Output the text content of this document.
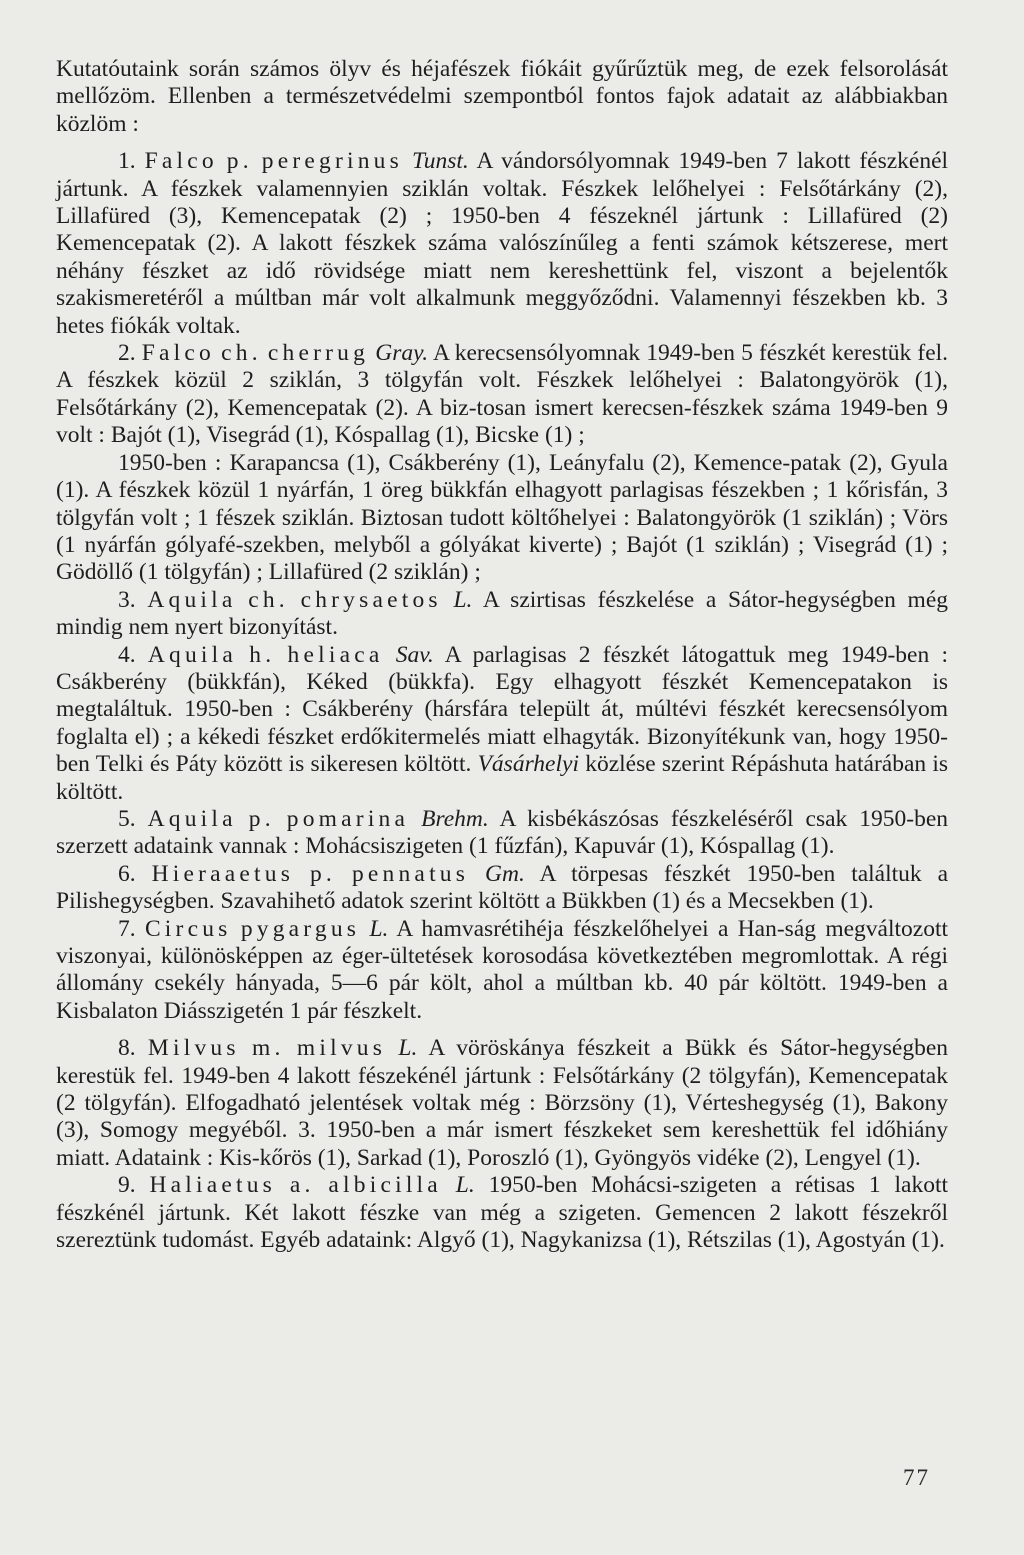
Kutatóutaink során számos ölyv és héjafészek fiókáit gyűrűztük meg, de ezek felsorolását mellőzöm. Ellenben a természetvédelmi szempontból fontos fajok adatait az alábbiakban közlöm :

1. Falco p. peregrinus Tunst. A vándorsólyomnak 1949-ben 7 lakott fészkénél jártunk. A fészkek valamennyien sziklán voltak. Fészkek lelőhelyei : Felsőtárkány (2), Lillafüred (3), Kemencepatak (2) ; 1950-ben 4 fészeknél jártunk : Lillafüred (2) Kemencepatak (2). A lakott fészkek száma valószínűleg a fenti számok kétszerese, mert néhány fészket az idő rövidsége miatt nem kereshettünk fel, viszont a bejelentők szakismeretéről a múltban már volt alkalmunk meggyőződni. Valamennyi fészekben kb. 3 hetes fiókák voltak.

2. Falco ch. cherrug Gray. A kerecsensólyomnak 1949-ben 5 fészkét kerestük fel. A fészkek közül 2 sziklán, 3 tölgyfán volt. Fészkek lelőhelyei : Balatongyörök (1), Felsőtárkány (2), Kemencepatak (2). A biz-tosan ismert kerecsen-fészkek száma 1949-ben 9 volt : Bajót (1), Visegrád (1), Kóspallag (1), Bicske (1) ;

1950-ben : Karapancsa (1), Csákberény (1), Leányfalu (2), Kemence-patak (2), Gyula (1). A fészkek közül 1 nyárfán, 1 öreg bükkfán elhagyott parlagisas fészekben ; 1 kőrisfán, 3 tölgyfán volt ; 1 fészek sziklán. Biztosan tudott költőhelyei : Balatongyörök (1 sziklán) ; Vörs (1 nyárfán gólyafé-szekben, melyből a gólyákat kiverte) ; Bajót (1 sziklán) ; Visegrád (1) ; Gödöllő (1 tölgyfán) ; Lillafüred (2 sziklán) ;

3. Aquila ch. chrysaetos L. A szirtisas fészkelése a Sátor-hegységben még mindig nem nyert bizonyítást.

4. Aquila h. heliaca Sav. A parlagisas 2 fészkét látogattuk meg 1949-ben : Csákberény (bükkfán), Kéked (bükkfa). Egy elhagyott fészkét Kemencepatakon is megtaláltuk. 1950-ben : Csákberény (hársfára települt át, múltévi fészkét kerecsensólyom foglalta el) ; a kékedi fészket erdőkitermelés miatt elhagyták. Bizonyítékunk van, hogy 1950-ben Telki és Páty között is sikeresen költött. Vásárhelyi közlése szerint Répáshuta határában is költött.

5. Aquila p. pomarina Brehm. A kisbékászósas fészkeléséről csak 1950-ben szerzett adataink vannak : Mohácsiszigeten (1 fűzfán), Kapuvár (1), Kóspallag (1).

6. Hieraaetus p. pennatus Gm. A törpesas fészkét 1950-ben találtuk a Pilishegységben. Szavahihető adatok szerint költött a Bükkben (1) és a Mecsekben (1).

7. Circus pygargus L. A hamvasrétihéja fészkelőhelyei a Han-ság megváltozott viszonyai, különösképpen az éger-ültetések korosodása következtében megromlottak. A régi állomány csekély hányada, 5—6 pár költ, ahol a múltban kb. 40 pár költött. 1949-ben a Kisbalaton Diásszigetén 1 pár fészkelt.

8. Milvus m. milvus L. A vöröskánya fészkeit a Bükk és Sátor-hegységben kerestük fel. 1949-ben 4 lakott fészekénél jártunk : Felsőtárkány (2 tölgyfán), Kemencepatak (2 tölgyfán). Elfogadható jelentések voltak még : Börzsöny (1), Vérteshegység (1), Bakony (3), Somogy megyéből. 3. 1950-ben a már ismert fészkeket sem kereshettük fel időhiány miatt. Adataink : Kis-kőrös (1), Sarkad (1), Poroszló (1), Gyöngyös vidéke (2), Lengyel (1).

9. Haliaetus a. albicilla L. 1950-ben Mohácsi-szigeten a rétisas 1 lakott fészkénél jártunk. Két lakott fészke van még a szigeten. Gemencen 2 lakott fészekről szereztünk tudomást. Egyéb adataink: Algyő (1), Nagykanizsa (1), Rétszilas (1), Agostyán (1).

77
